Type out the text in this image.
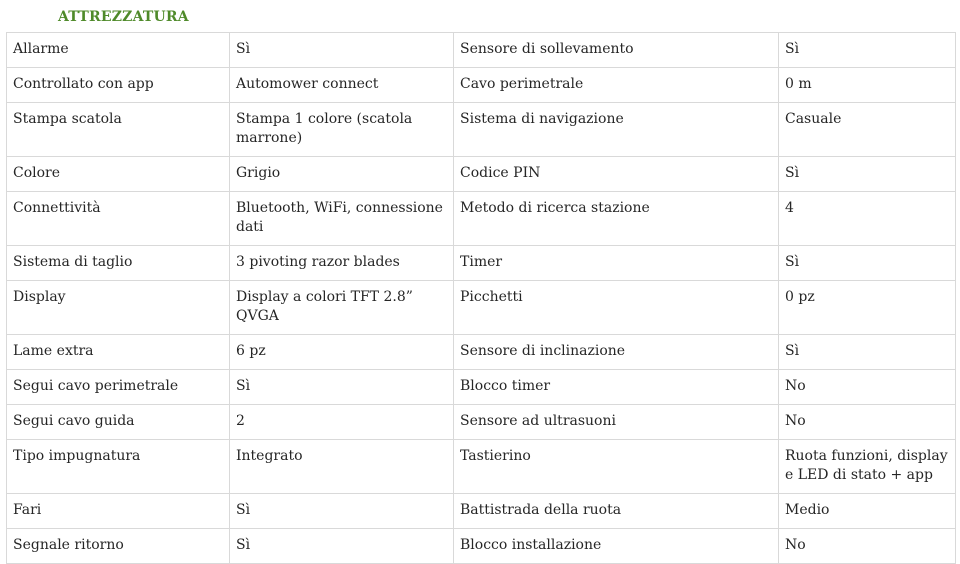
ATTREZZATURA
Allarme	Sì	Sensore di sollevamento	Sì
Controllato con app	Automower connect	Cavo perimetrale	0 m
Stampa scatola	Stampa 1 colore (scatola marrone)	Sistema di navigazione	Casuale
Colore	Grigio	Codice PIN	Sì
Connettività	Bluetooth, WiFi, connessione dati	Metodo di ricerca stazione	4
Sistema di taglio	3 pivoting razor blades	Timer	Sì
Display	Display a colori TFT 2.8” QVGA	Picchetti	0 pz
Lame extra	6 pz	Sensore di inclinazione	Sì
Segui cavo perimetrale	Sì	Blocco timer	No
Segui cavo guida	2	Sensore ad ultrasuoni	No
Tipo impugnatura	Integrato	Tastierino	Ruota funzioni, display e LED di stato + app
Fari	Sì	Battistrada della ruota	Medio
Segnale ritorno	Sì	Blocco installazione	No
